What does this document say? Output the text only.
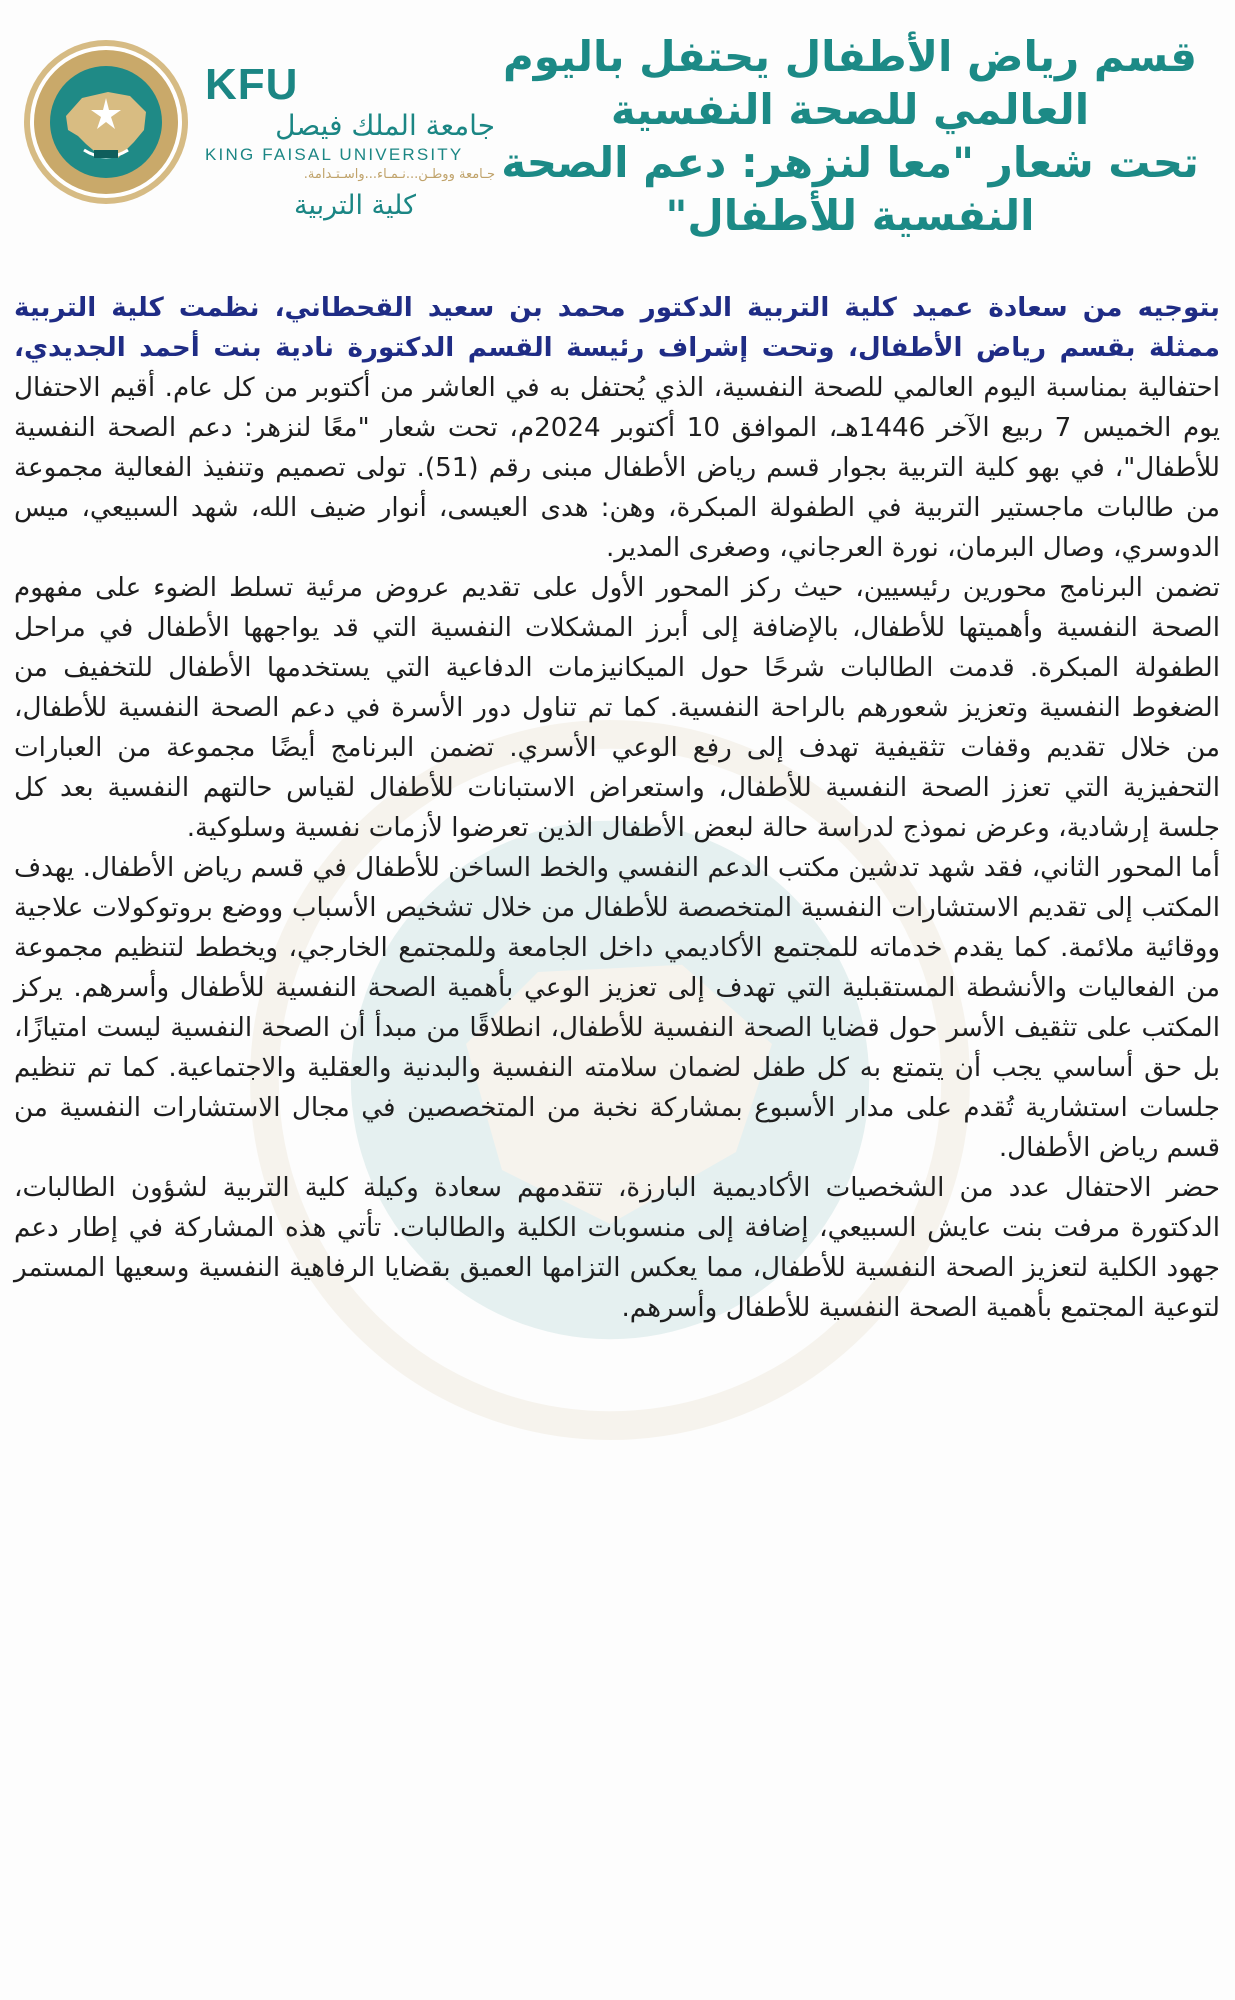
KFU
جامعة الملك فيصل
KING FAISAL UNIVERSITY
جـامعة ووطـن...نـمـاء...واسـتـدامة.
كلية التربية
قسم رياض الأطفال يحتفل باليوم
العالمي للصحة النفسية
تحت شعار "معا لنزهر: دعم الصحة
النفسية للأطفال"

بتوجيه من سعادة عميد كلية التربية الدكتور محمد بن سعيد القحطاني، نظمت كلية التربية ممثلة بقسم رياض الأطفال، وتحت إشراف رئيسة القسم الدكتورة نادية بنت أحمد الجديدي، احتفالية بمناسبة اليوم العالمي للصحة النفسية، الذي يُحتفل به في العاشر من أكتوبر من كل عام. أقيم الاحتفال يوم الخميس 7 ربيع الآخر 1446هـ، الموافق 10 أكتوبر 2024م، تحت شعار "معًا لنزهر: دعم الصحة النفسية للأطفال"، في بهو كلية التربية بجوار قسم رياض الأطفال مبنى رقم (51). تولى تصميم وتنفيذ الفعالية مجموعة من طالبات ماجستير التربية في الطفولة المبكرة، وهن: هدى العيسى، أنوار ضيف الله، شهد السبيعي، ميس الدوسري، وصال البرمان، نورة العرجاني، وصغرى المدير.

تضمن البرنامج محورين رئيسيين، حيث ركز المحور الأول على تقديم عروض مرئية تسلط الضوء على مفهوم الصحة النفسية وأهميتها للأطفال، بالإضافة إلى أبرز المشكلات النفسية التي قد يواجهها الأطفال في مراحل الطفولة المبكرة. قدمت الطالبات شرحًا حول الميكانيزمات الدفاعية التي يستخدمها الأطفال للتخفيف من الضغوط النفسية وتعزيز شعورهم بالراحة النفسية. كما تم تناول دور الأسرة في دعم الصحة النفسية للأطفال، من خلال تقديم وقفات تثقيفية تهدف إلى رفع الوعي الأسري. تضمن البرنامج أيضًا مجموعة من العبارات التحفيزية التي تعزز الصحة النفسية للأطفال، واستعراض الاستبانات للأطفال لقياس حالتهم النفسية بعد كل جلسة إرشادية، وعرض نموذج لدراسة حالة لبعض الأطفال الذين تعرضوا لأزمات نفسية وسلوكية.

أما المحور الثاني، فقد شهد تدشين مكتب الدعم النفسي والخط الساخن للأطفال في قسم رياض الأطفال. يهدف المكتب إلى تقديم الاستشارات النفسية المتخصصة للأطفال من خلال تشخيص الأسباب ووضع بروتوكولات علاجية ووقائية ملائمة. كما يقدم خدماته للمجتمع الأكاديمي داخل الجامعة وللمجتمع الخارجي، ويخطط لتنظيم مجموعة من الفعاليات والأنشطة المستقبلية التي تهدف إلى تعزيز الوعي بأهمية الصحة النفسية للأطفال وأسرهم. يركز المكتب على تثقيف الأسر حول قضايا الصحة النفسية للأطفال، انطلاقًا من مبدأ أن الصحة النفسية ليست امتيازًا، بل حق أساسي يجب أن يتمتع به كل طفل لضمان سلامته النفسية والبدنية والعقلية والاجتماعية. كما تم تنظيم جلسات استشارية تُقدم على مدار الأسبوع بمشاركة نخبة من المتخصصين في مجال الاستشارات النفسية من قسم رياض الأطفال.

حضر الاحتفال عدد من الشخصيات الأكاديمية البارزة، تتقدمهم سعادة وكيلة كلية التربية لشؤون الطالبات، الدكتورة مرفت بنت عايش السبيعي، إضافة إلى منسوبات الكلية والطالبات. تأتي هذه المشاركة في إطار دعم جهود الكلية لتعزيز الصحة النفسية للأطفال، مما يعكس التزامها العميق بقضايا الرفاهية النفسية وسعيها المستمر لتوعية المجتمع بأهمية الصحة النفسية للأطفال وأسرهم.
